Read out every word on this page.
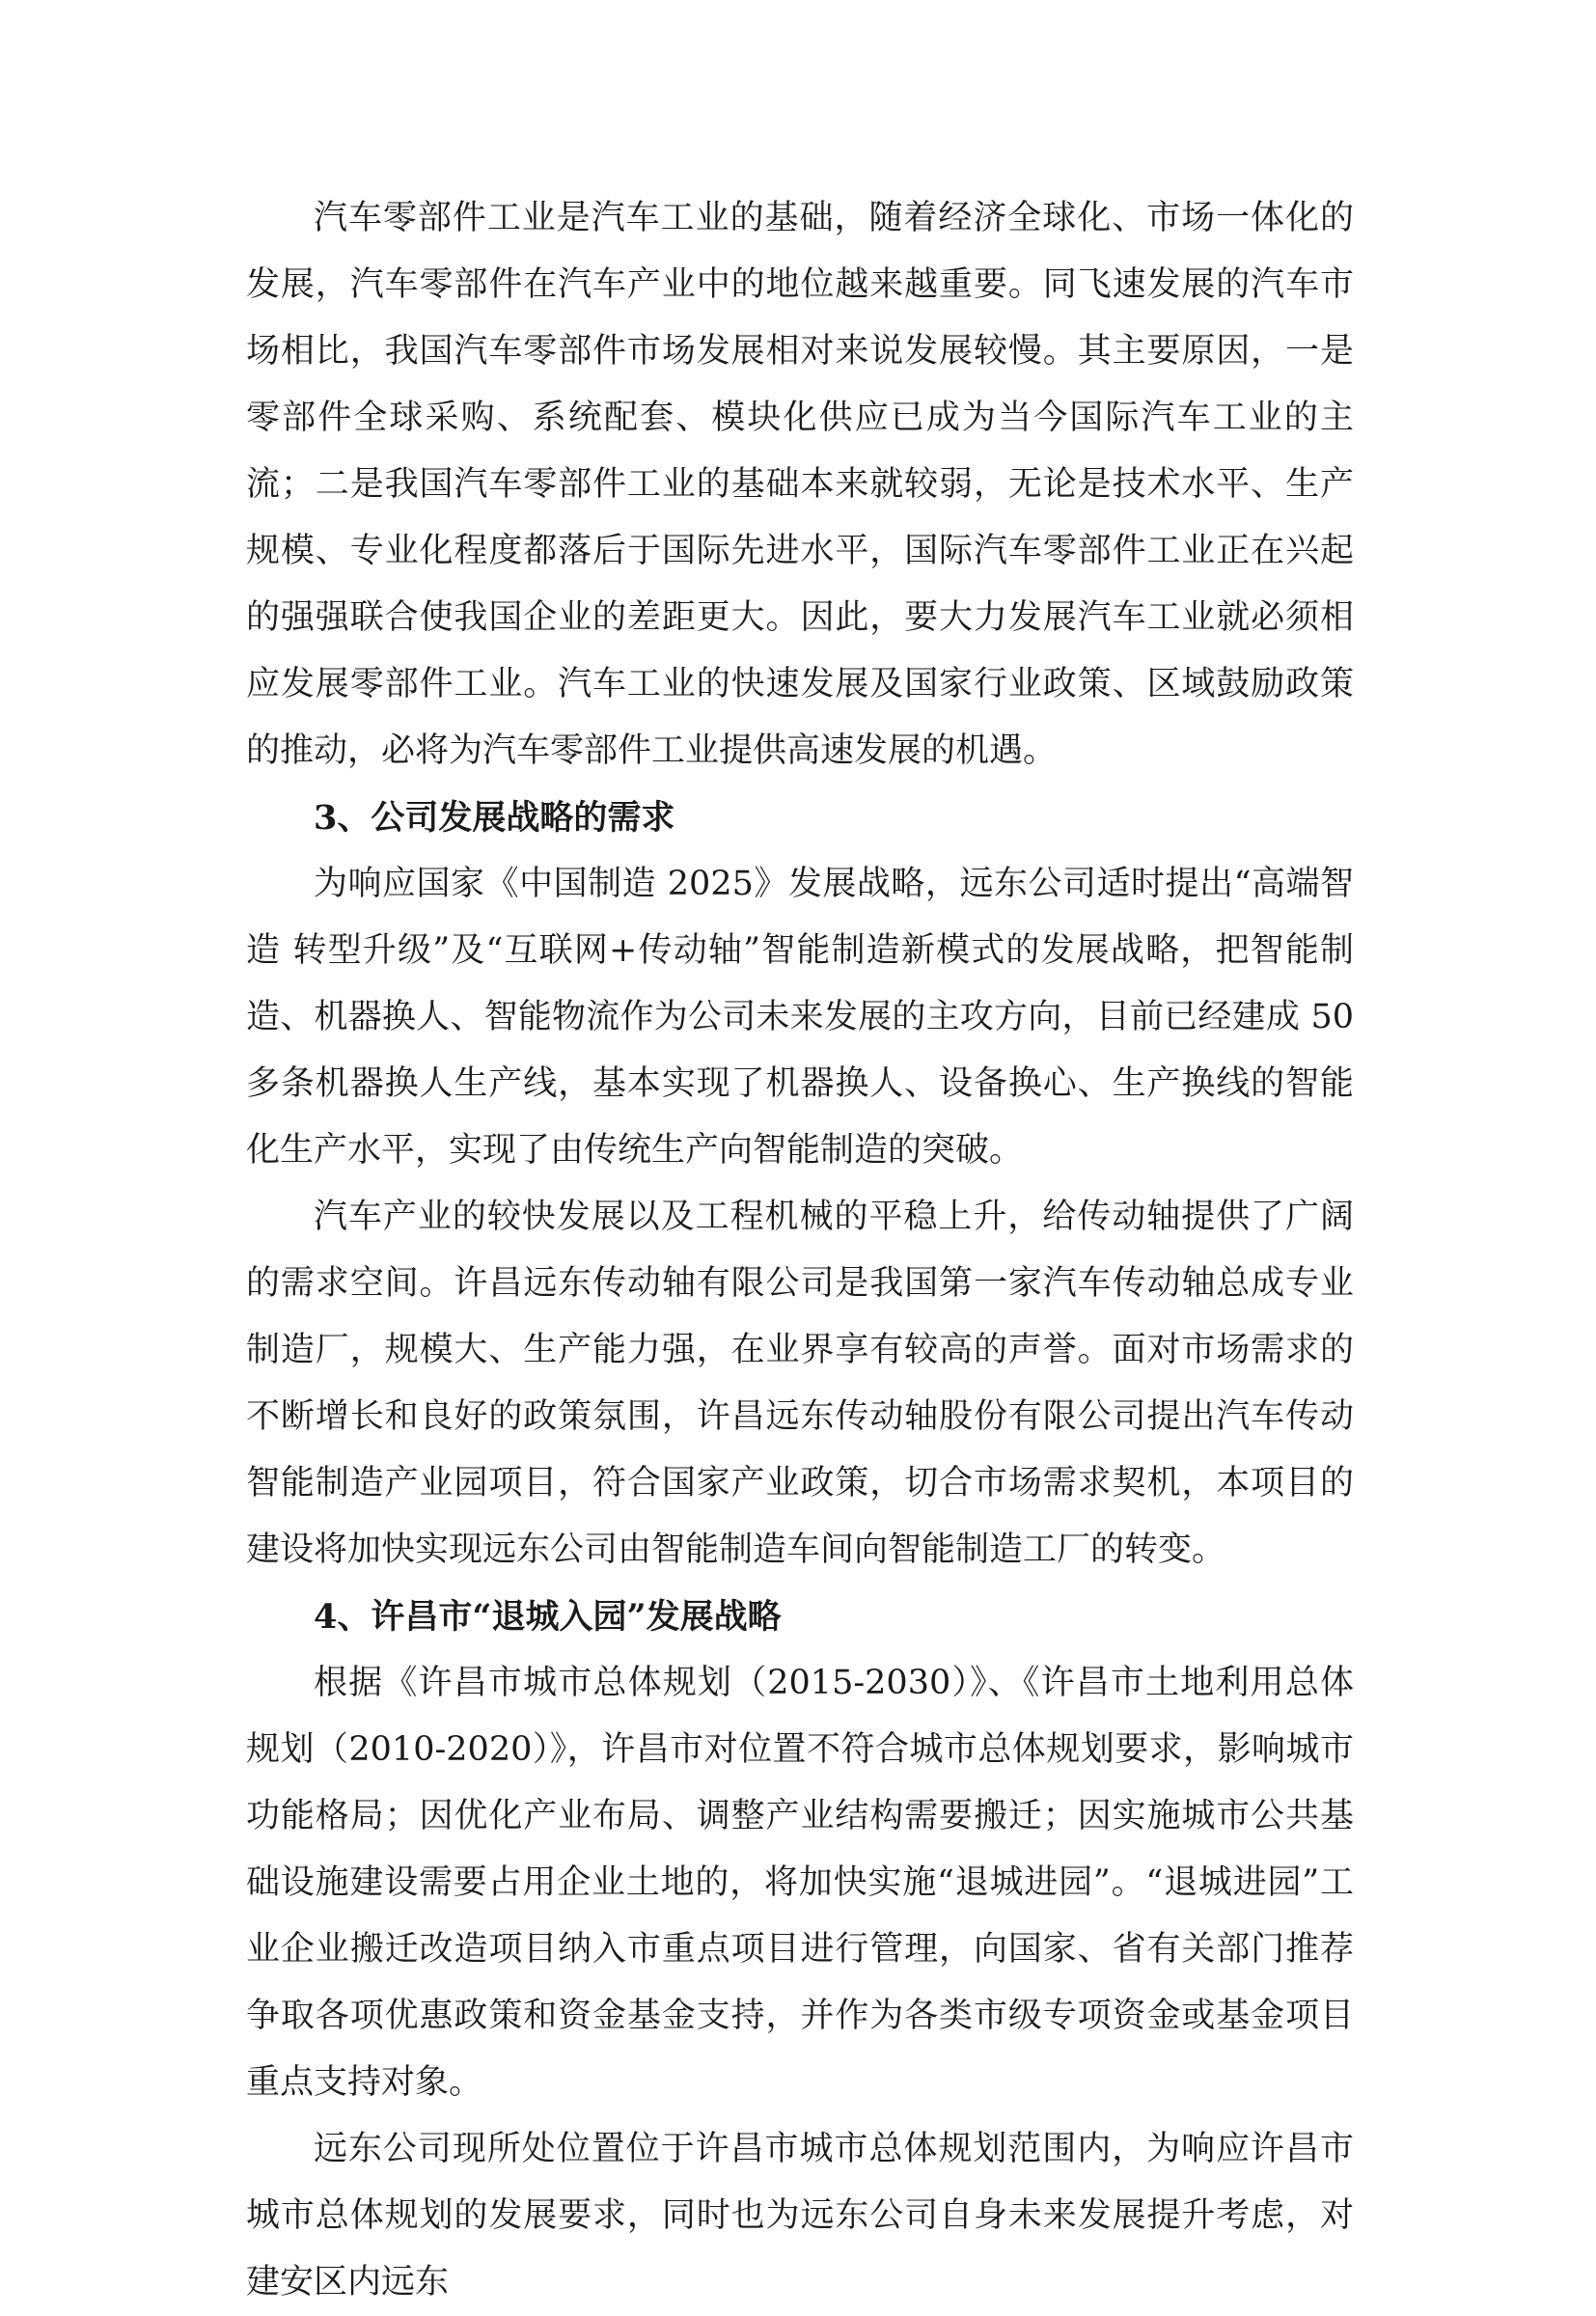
汽车零部件工业是汽车工业的基础，随着经济全球化、市场一体化的发展，汽车零部件在汽车产业中的地位越来越重要。同飞速发展的汽车市场相比，我国汽车零部件市场发展相对来说发展较慢。其主要原因，一是零部件全球采购、系统配套、模块化供应已成为当今国际汽车工业的主流；二是我国汽车零部件工业的基础本来就较弱，无论是技术水平、生产规模、专业化程度都落后于国际先进水平，国际汽车零部件工业正在兴起的强强联合使我国企业的差距更大。因此，要大力发展汽车工业就必须相应发展零部件工业。汽车工业的快速发展及国家行业政策、区域鼓励政策的推动，必将为汽车零部件工业提供高速发展的机遇。

3、公司发展战略的需求

为响应国家《中国制造 2025》发展战略，远东公司适时提出“高端智造 转型升级”及“互联网+传动轴”智能制造新模式的发展战略，把智能制造、机器换人、智能物流作为公司未来发展的主攻方向，目前已经建成 50 多条机器换人生产线，基本实现了机器换人、设备换心、生产换线的智能化生产水平，实现了由传统生产向智能制造的突破。

汽车产业的较快发展以及工程机械的平稳上升，给传动轴提供了广阔的需求空间。许昌远东传动轴有限公司是我国第一家汽车传动轴总成专业制造厂，规模大、生产能力强，在业界享有较高的声誉。面对市场需求的不断增长和良好的政策氛围，许昌远东传动轴股份有限公司提出汽车传动智能制造产业园项目，符合国家产业政策，切合市场需求契机，本项目的建设将加快实现远东公司由智能制造车间向智能制造工厂的转变。

4、许昌市“退城入园”发展战略

根据《许昌市城市总体规划（2015-2030）》、《许昌市土地利用总体规划（2010-2020）》，许昌市对位置不符合城市总体规划要求，影响城市功能格局；因优化产业布局、调整产业结构需要搬迁；因实施城市公共基础设施建设需要占用企业土地的，将加快实施“退城进园”。“退城进园”工业企业搬迁改造项目纳入市重点项目进行管理，向国家、省有关部门推荐争取各项优惠政策和资金基金支持，并作为各类市级专项资金或基金项目重点支持对象。

远东公司现所处位置位于许昌市城市总体规划范围内，为响应许昌市城市总体规划的发展要求，同时也为远东公司自身未来发展提升考虑，对建安区内远东
